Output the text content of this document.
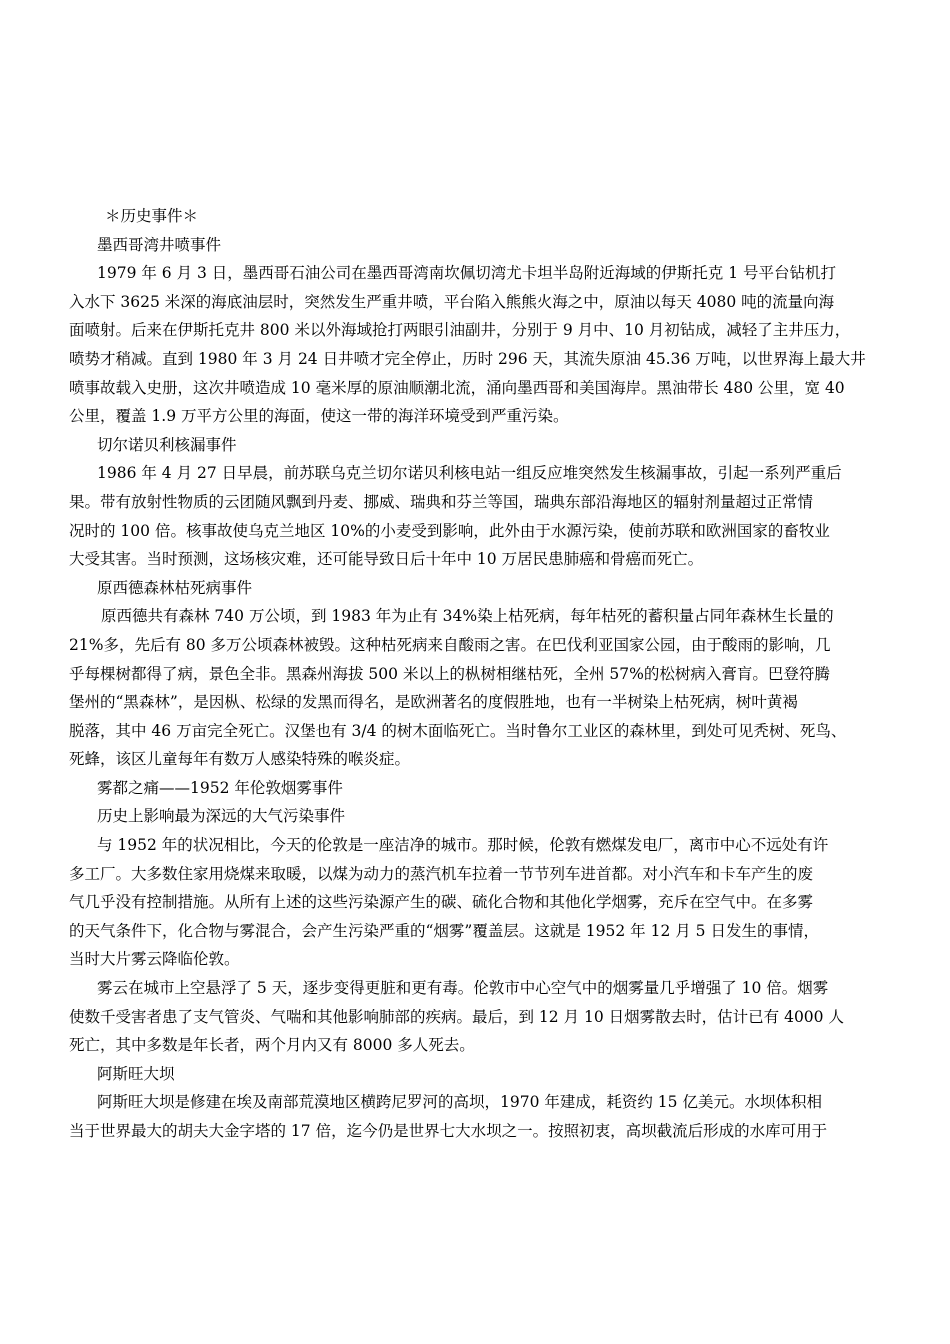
＊历史事件＊
墨西哥湾井喷事件
1979 年 6 月 3 日，墨西哥石油公司在墨西哥湾南坎佩切湾尤卡坦半岛附近海域的伊斯托克 1 号平台钻机打
入水下 3625 米深的海底油层时，突然发生严重井喷，平台陷入熊熊火海之中，原油以每天 4080 吨的流量向海
面喷射。后来在伊斯托克井 800 米以外海域抢打两眼引油副井，分别于 9 月中、10 月初钻成，减轻了主井压力，
喷势才稍减。直到 1980 年 3 月 24 日井喷才完全停止，历时 296 天，其流失原油 45.36 万吨，以世界海上最大井
喷事故载入史册，这次井喷造成 10 毫米厚的原油顺潮北流，涌向墨西哥和美国海岸。黑油带长 480 公里，宽 40
公里，覆盖 1.9 万平方公里的海面，使这一带的海洋环境受到严重污染。
切尔诺贝利核漏事件
1986 年 4 月 27 日早晨，前苏联乌克兰切尔诺贝利核电站一组反应堆突然发生核漏事故，引起一系列严重后
果。带有放射性物质的云团随风飘到丹麦、挪威、瑞典和芬兰等国，瑞典东部沿海地区的辐射剂量超过正常情
况时的 100 倍。核事故使乌克兰地区 10%的小麦受到影响，此外由于水源污染，使前苏联和欧洲国家的畜牧业
大受其害。当时预测，这场核灾难，还可能导致日后十年中 10 万居民患肺癌和骨癌而死亡。
原西德森林枯死病事件
原西德共有森林 740 万公顷，到 1983 年为止有 34%染上枯死病，每年枯死的蓄积量占同年森林生长量的
21%多，先后有 80 多万公顷森林被毁。这种枯死病来自酸雨之害。在巴伐利亚国家公园，由于酸雨的影响，几
乎每棵树都得了病，景色全非。黑森州海拔 500 米以上的枞树相继枯死，全州 57%的松树病入膏肓。巴登符腾
堡州的“黑森林”，是因枞、松绿的发黑而得名，是欧洲著名的度假胜地，也有一半树染上枯死病，树叶黄褐
脱落，其中 46 万亩完全死亡。汉堡也有 3/4 的树木面临死亡。当时鲁尔工业区的森林里，到处可见秃树、死鸟、
死蜂，该区儿童每年有数万人感染特殊的喉炎症。
雾都之痛——1952 年伦敦烟雾事件
历史上影响最为深远的大气污染事件
与 1952 年的状况相比，今天的伦敦是一座洁净的城市。那时候，伦敦有燃煤发电厂，离市中心不远处有许
多工厂。大多数住家用烧煤来取暖，以煤为动力的蒸汽机车拉着一节节列车进首都。对小汽车和卡车产生的废
气几乎没有控制措施。从所有上述的这些污染源产生的碳、硫化合物和其他化学烟雾，充斥在空气中。在多雾
的天气条件下，化合物与雾混合，会产生污染严重的“烟雾”覆盖层。这就是 1952 年 12 月 5 日发生的事情，
当时大片雾云降临伦敦。
雾云在城市上空悬浮了 5 天，逐步变得更脏和更有毒。伦敦市中心空气中的烟雾量几乎增强了 10 倍。烟雾
使数千受害者患了支气管炎、气喘和其他影响肺部的疾病。最后，到 12 月 10 日烟雾散去时，估计已有 4000 人
死亡，其中多数是年长者，两个月内又有 8000 多人死去。
阿斯旺大坝
阿斯旺大坝是修建在埃及南部荒漠地区横跨尼罗河的高坝，1970 年建成，耗资约 15 亿美元。水坝体积相
当于世界最大的胡夫大金字塔的 17 倍，迄今仍是世界七大水坝之一。按照初衷，高坝截流后形成的水库可用于
